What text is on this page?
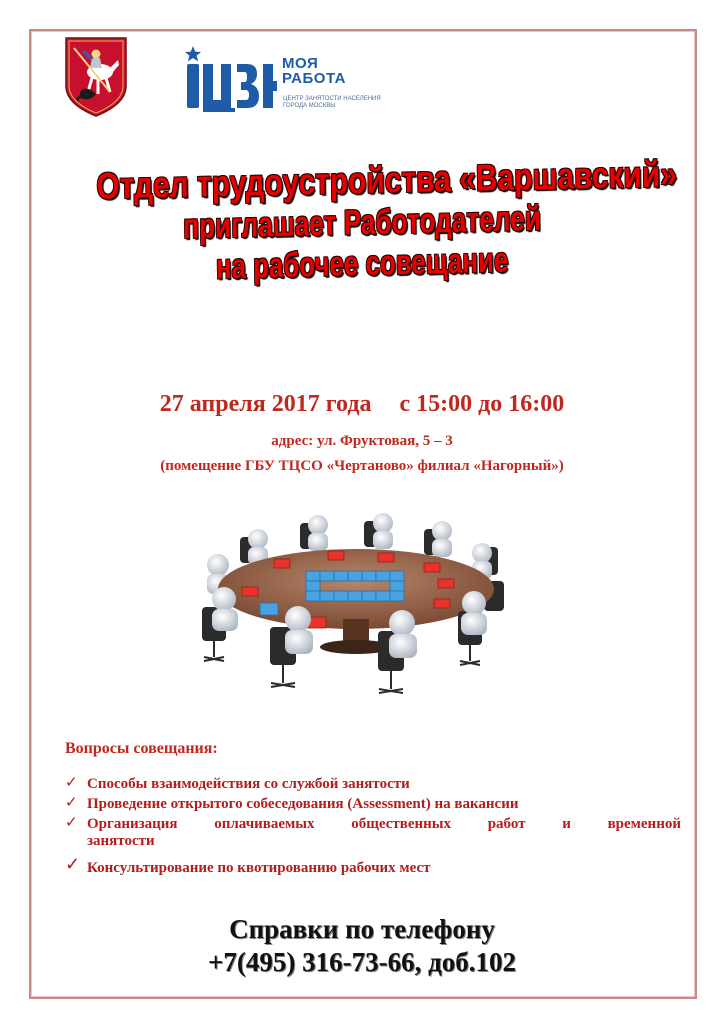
МОЯ
РАБОТА
ЦЕНТР ЗАНЯТОСТИ НАСЕЛЕНИЯ ГОРОДА МОСКВЫ
Отдел трудоустройства «Варшавский»
приглашает Работодателей
на рабочее совещание
27 апреля 2017 года с 15:00 до 16:00
адрес: ул. Фруктовая, 5 – 3
(помещение ГБУ ТЦСО «Чертаново» филиал «Нагорный»)
Вопросы совещания:
✓ Способы взаимодействия со службой занятости
✓ Проведение открытого собеседования (Assessment) на вакансии
✓ Организация оплачиваемых общественных работ и временной
занятости
✓ Консультирование по квотированию рабочих мест
Справки по телефону
+7(495) 316-73-66, доб.102
